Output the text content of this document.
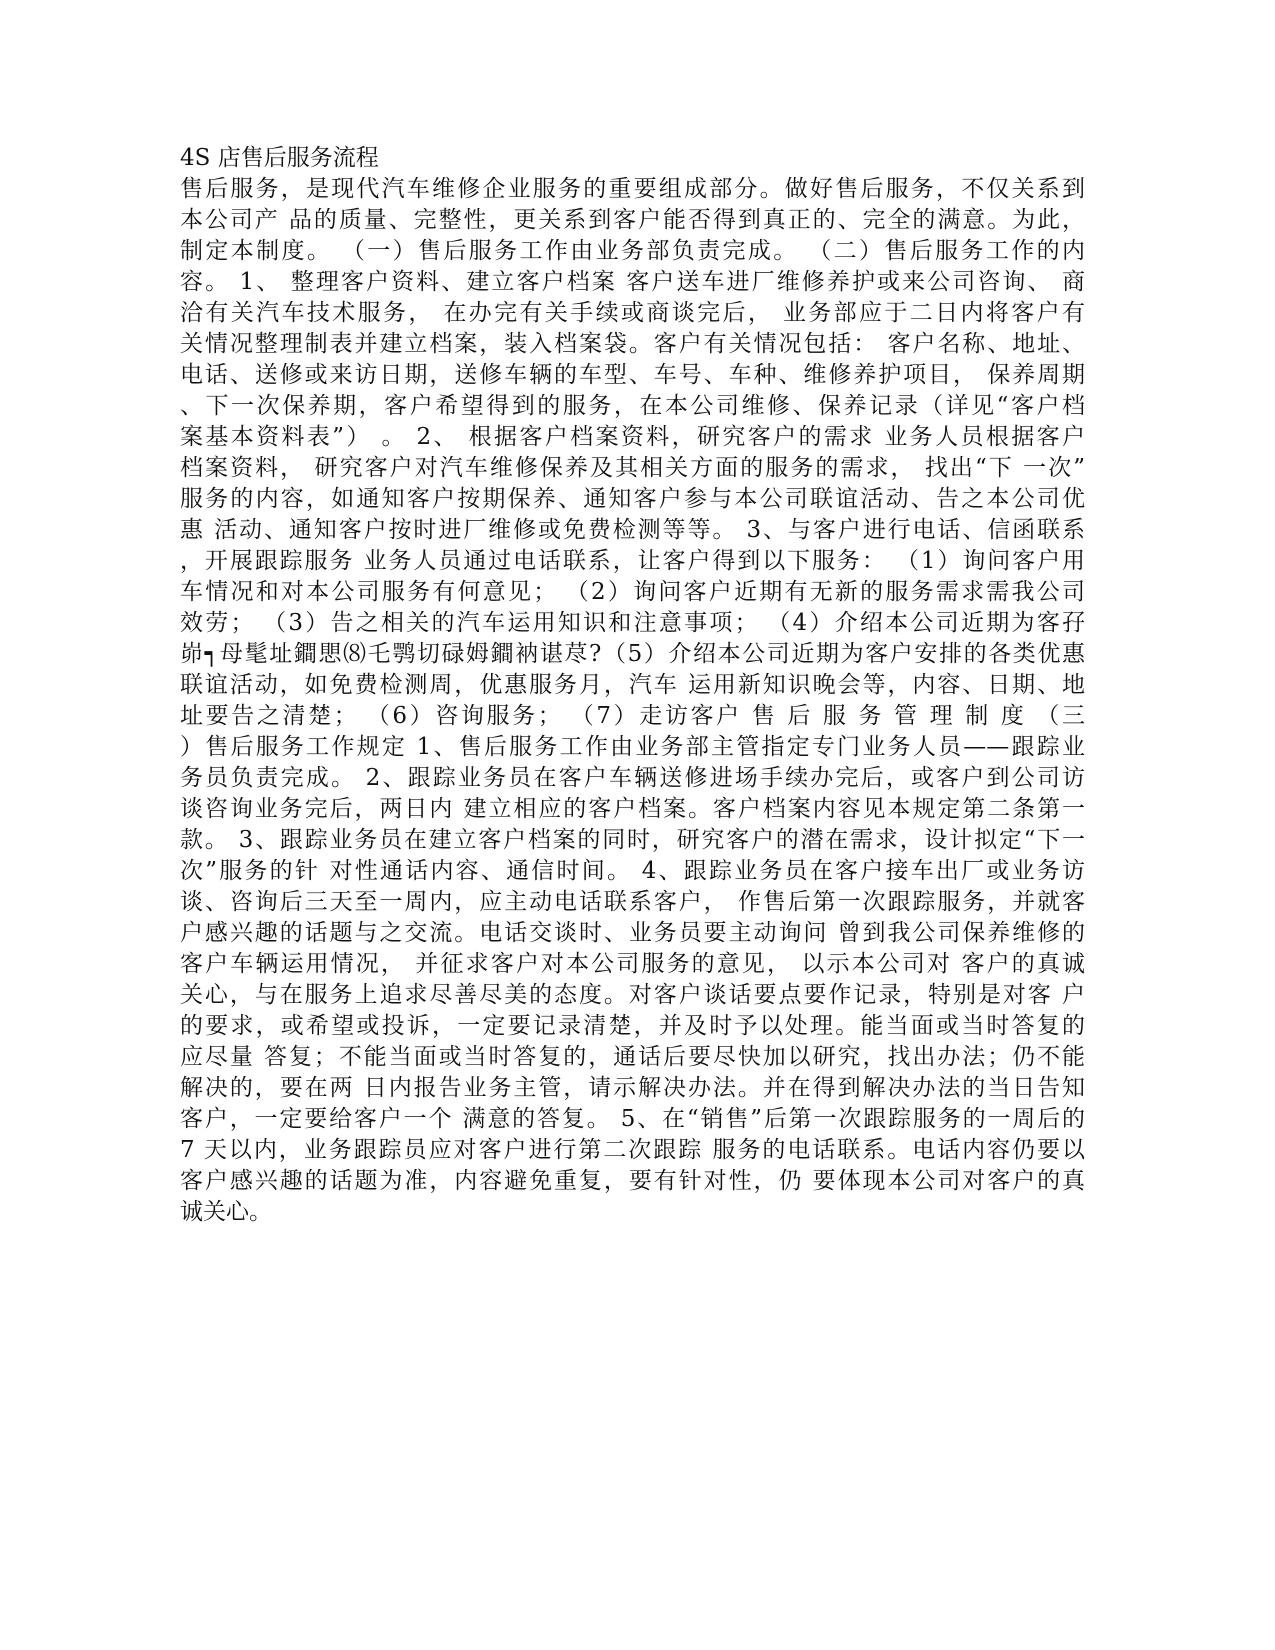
4S 店售后服务流程
售后服务，是现代汽车维修企业服务的重要组成部分。做好售后服务，不仅关系到
本公司产 品的质量、完整性，更关系到客户能否得到真正的、完全的满意。为此，
制定本制度。 （一）售后服务工作由业务部负责完成。 （二）售后服务工作的内
容。 1、 整理客户资料、建立客户档案 客户送车进厂维修养护或来公司咨询、 商
洽有关汽车技术服务， 在办完有关手续或商谈完后， 业务部应于二日内将客户有
关情况整理制表并建立档案，装入档案袋。客户有关情况包括： 客户名称、地址、
电话、送修或来访日期，送修车辆的车型、车号、车种、维修养护项目， 保养周期
、下一次保养期，客户希望得到的服务，在本公司维修、保养记录（详见“客户档
案基本资料表”） 。 2、 根据客户档案资料，研究客户的需求 业务人员根据客户
档案资料， 研究客户对汽车维修保养及其相关方面的服务的需求， 找出“下 一次”
服务的内容，如通知客户按期保养、通知客户参与本公司联谊活动、告之本公司优
惠 活动、通知客户按时进厂维修或免费检测等等。 3、与客户进行电话、信函联系
，开展跟踪服务 业务人员通过电话联系，让客户得到以下服务： （1）询问客户用
车情况和对本公司服务有何意见； （2）询问客户近期有无新的服务需求需我公司
效劳； （3）告之相关的汽车运用知识和注意事项； （4）介绍本公司近期为客孖
峁┑母髦址鐧愳⑻乇鹗切碌姆鐧衲谌荩?（5）介绍本公司近期为客户安排的各类优惠
联谊活动，如免费检测周，优惠服务月，汽车 运用新知识晚会等，内容、日期、地
址要告之清楚； （6）咨询服务； （7）走访客户 售 后 服 务 管 理 制 度 （三
）售后服务工作规定 1、售后服务工作由业务部主管指定专门业务人员——跟踪业
务员负责完成。 2、跟踪业务员在客户车辆送修进场手续办完后，或客户到公司访
谈咨询业务完后，两日内 建立相应的客户档案。客户档案内容见本规定第二条第一
款。 3、跟踪业务员在建立客户档案的同时，研究客户的潜在需求，设计拟定“下一
次”服务的针 对性通话内容、通信时间。 4、跟踪业务员在客户接车出厂或业务访
谈、咨询后三天至一周内，应主动电话联系客户， 作售后第一次跟踪服务，并就客
户感兴趣的话题与之交流。电话交谈时、业务员要主动询问 曾到我公司保养维修的
客户车辆运用情况， 并征求客户对本公司服务的意见， 以示本公司对 客户的真诚
关心，与在服务上追求尽善尽美的态度。对客户谈话要点要作记录，特别是对客 户
的要求，或希望或投诉，一定要记录清楚，并及时予以处理。能当面或当时答复的
应尽量 答复；不能当面或当时答复的，通话后要尽快加以研究，找出办法；仍不能
解决的，要在两 日内报告业务主管，请示解决办法。并在得到解决办法的当日告知
客户，一定要给客户一个 满意的答复。 5、在“销售”后第一次跟踪服务的一周后的
7 天以内，业务跟踪员应对客户进行第二次跟踪 服务的电话联系。电话内容仍要以
客户感兴趣的话题为准，内容避免重复，要有针对性，仍 要体现本公司对客户的真
诚关心。
